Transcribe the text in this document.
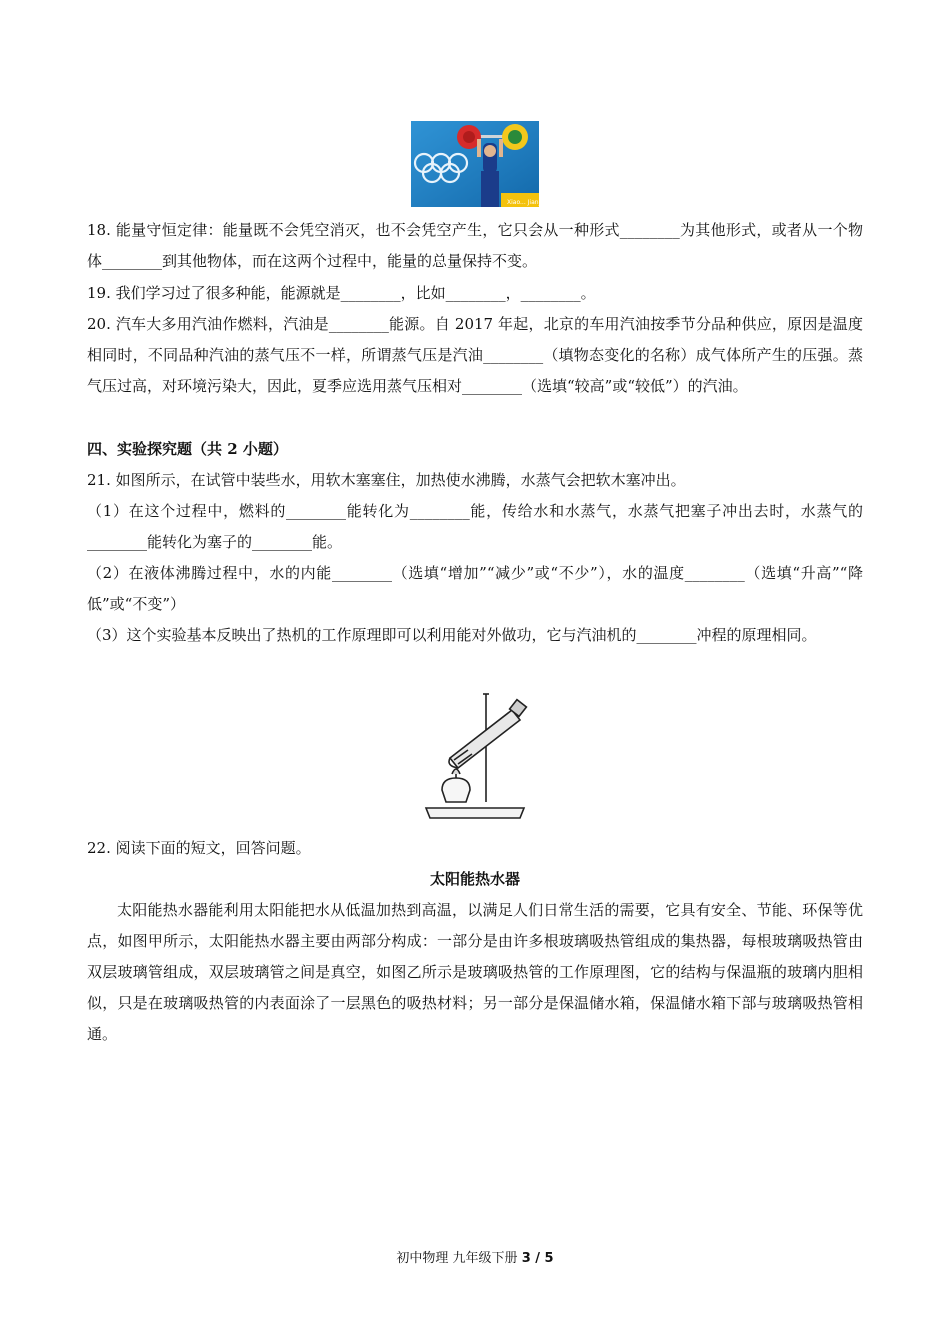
Xiao... Jianj...
18. 能量守恒定律：能量既不会凭空消灭，也不会凭空产生，它只会从一种形式________为其他形式，或者从一个物体________到其他物体，而在这两个过程中，能量的总量保持不变。
19. 我们学习过了很多种能，能源就是________，比如________，________。
20. 汽车大多用汽油作燃料，汽油是________能源。自 2017 年起，北京的车用汽油按季节分品种供应，原因是温度相同时，不同品种汽油的蒸气压不一样，所谓蒸气压是汽油________（填物态变化的名称）成气体所产生的压强。蒸气压过高，对环境污染大，因此，夏季应选用蒸气压相对________（选填“较高”或“较低”）的汽油。
四、实验探究题（共 2 小题）
21. 如图所示，在试管中装些水，用软木塞塞住，加热使水沸腾，水蒸气会把软木塞冲出。
（1）在这个过程中，燃料的________能转化为________能，传给水和水蒸气，水蒸气把塞子冲出去时，水蒸气的________能转化为塞子的________能。
（2）在液体沸腾过程中，水的内能________（选填“增加”“减少”或“不少”），水的温度________（选填“升高”“降低”或“不变”）
（3）这个实验基本反映出了热机的工作原理即可以利用能对外做功，它与汽油机的________冲程的原理相同。
22. 阅读下面的短文，回答问题。
太阳能热水器
太阳能热水器能利用太阳能把水从低温加热到高温，以满足人们日常生活的需要，它具有安全、节能、环保等优点，如图甲所示，太阳能热水器主要由两部分构成：一部分是由许多根玻璃吸热管组成的集热器，每根玻璃吸热管由双层玻璃管组成，双层玻璃管之间是真空，如图乙所示是玻璃吸热管的工作原理图，它的结构与保温瓶的玻璃内胆相似，只是在玻璃吸热管的内表面涂了一层黑色的吸热材料；另一部分是保温储水箱，保温储水箱下部与玻璃吸热管相通。
初中物理 九年级下册 3 / 5
